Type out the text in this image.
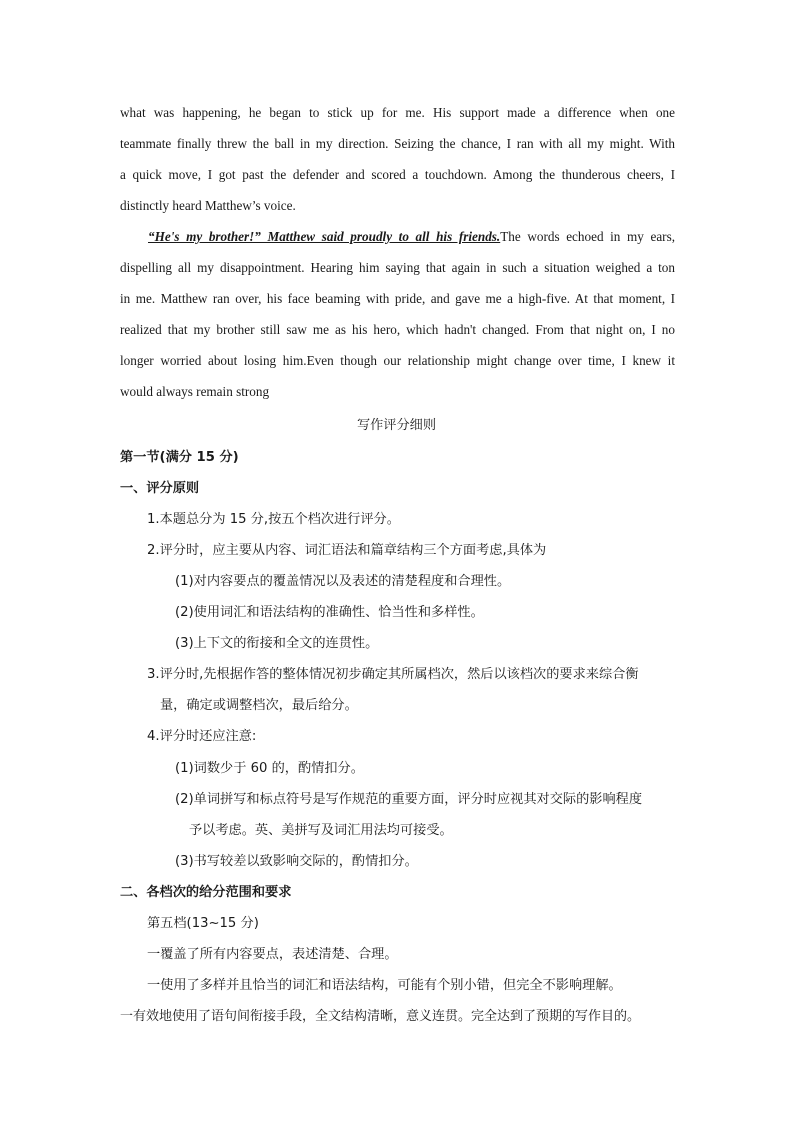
what was happening, he began to stick up for me. His support made a difference when one
teammate finally threw the ball in my direction. Seizing the chance, I ran with all my might. With
a quick move, I got past the defender and scored a touchdown. Among the thunderous cheers, I
distinctly heard Matthew’s voice.
“He's my brother!” Matthew said proudly to all his friends.The words echoed in my ears,
dispelling all my disappointment. Hearing him saying that again in such a situation weighed a ton
in me. Matthew ran over, his face beaming with pride, and gave me a high-five. At that moment, I
realized that my brother still saw me as his hero, which hadn't changed. From that night on, I no
longer worried about losing him.Even though our relationship might change over time, I knew it
would always remain strong

写作评分细则

第一节(满分 15 分)

一、评分原则

1.本题总分为 15 分,按五个档次进行评分。

2.评分时，应主要从内容、词汇语法和篇章结构三个方面考虑,具体为

(1)对内容要点的覆盖情况以及表述的清楚程度和合理性。

(2)使用词汇和语法结构的准确性、恰当性和多样性。

(3)上下文的衔接和全文的连贯性。

3.评分时,先根据作答的整体情况初步确定其所属档次，然后以该档次的要求来综合衡

量，确定或调整档次，最后给分。

4.评分时还应注意:

(1)词数少于 60 的，酌情扣分。

(2)单词拼写和标点符号是写作规范的重要方面，评分时应视其对交际的影响程度

予以考虑。英、美拼写及词汇用法均可接受。

(3)书写较差以致影响交际的，酌情扣分。

二、各档次的给分范围和要求

第五档(13~15 分)

一覆盖了所有内容要点，表述清楚、合理。

一使用了多样并且恰当的词汇和语法结构，可能有个别小错，但完全不影响理解。

一有效地使用了语句间衔接手段，全文结构清晰，意义连贯。完全达到了预期的写作目的。
